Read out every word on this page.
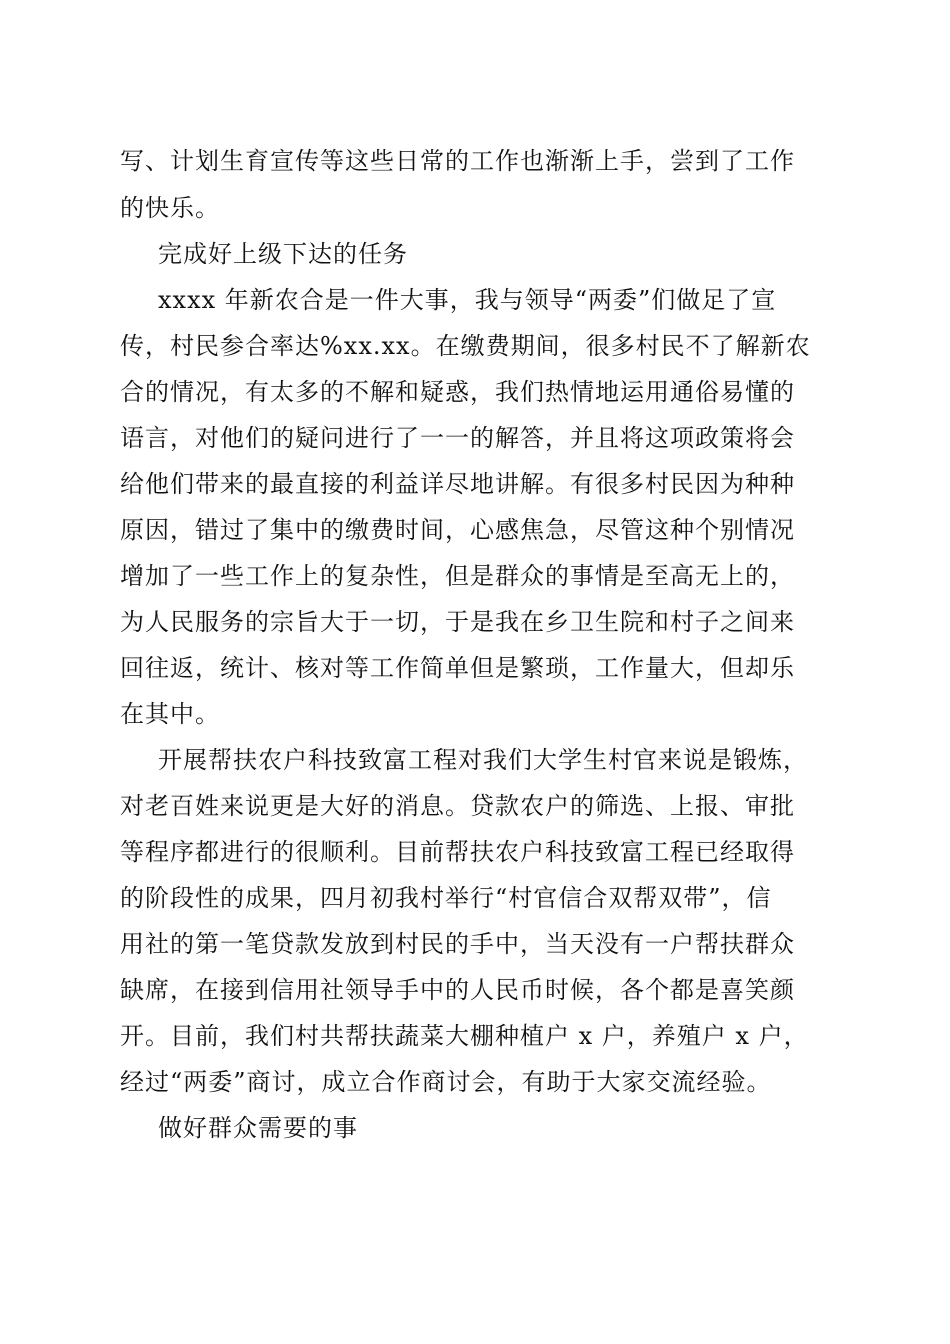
写、计划生育宣传等这些日常的工作也渐渐上手，尝到了工作
的快乐。
完成好上级下达的任务
xxxx 年新农合是一件大事，我与领导“两委”们做足了宣
传，村民参合率达%xx.xx。在缴费期间，很多村民不了解新农
合的情况，有太多的不解和疑惑，我们热情地运用通俗易懂的
语言，对他们的疑问进行了一一的解答，并且将这项政策将会
给他们带来的最直接的利益详尽地讲解。有很多村民因为种种
原因，错过了集中的缴费时间，心感焦急，尽管这种个别情况
增加了一些工作上的复杂性，但是群众的事情是至高无上的，
为人民服务的宗旨大于一切，于是我在乡卫生院和村子之间来
回往返，统计、核对等工作简单但是繁琐，工作量大，但却乐
在其中。
开展帮扶农户科技致富工程对我们大学生村官来说是锻炼，
对老百姓来说更是大好的消息。贷款农户的筛选、上报、审批
等程序都进行的很顺利。目前帮扶农户科技致富工程已经取得
的阶段性的成果，四月初我村举行“村官信合双帮双带”，信
用社的第一笔贷款发放到村民的手中，当天没有一户帮扶群众
缺席，在接到信用社领导手中的人民币时候，各个都是喜笑颜
开。目前，我们村共帮扶蔬菜大棚种植户 x 户，养殖户 x 户，
经过“两委”商讨，成立合作商讨会，有助于大家交流经验。
做好群众需要的事
